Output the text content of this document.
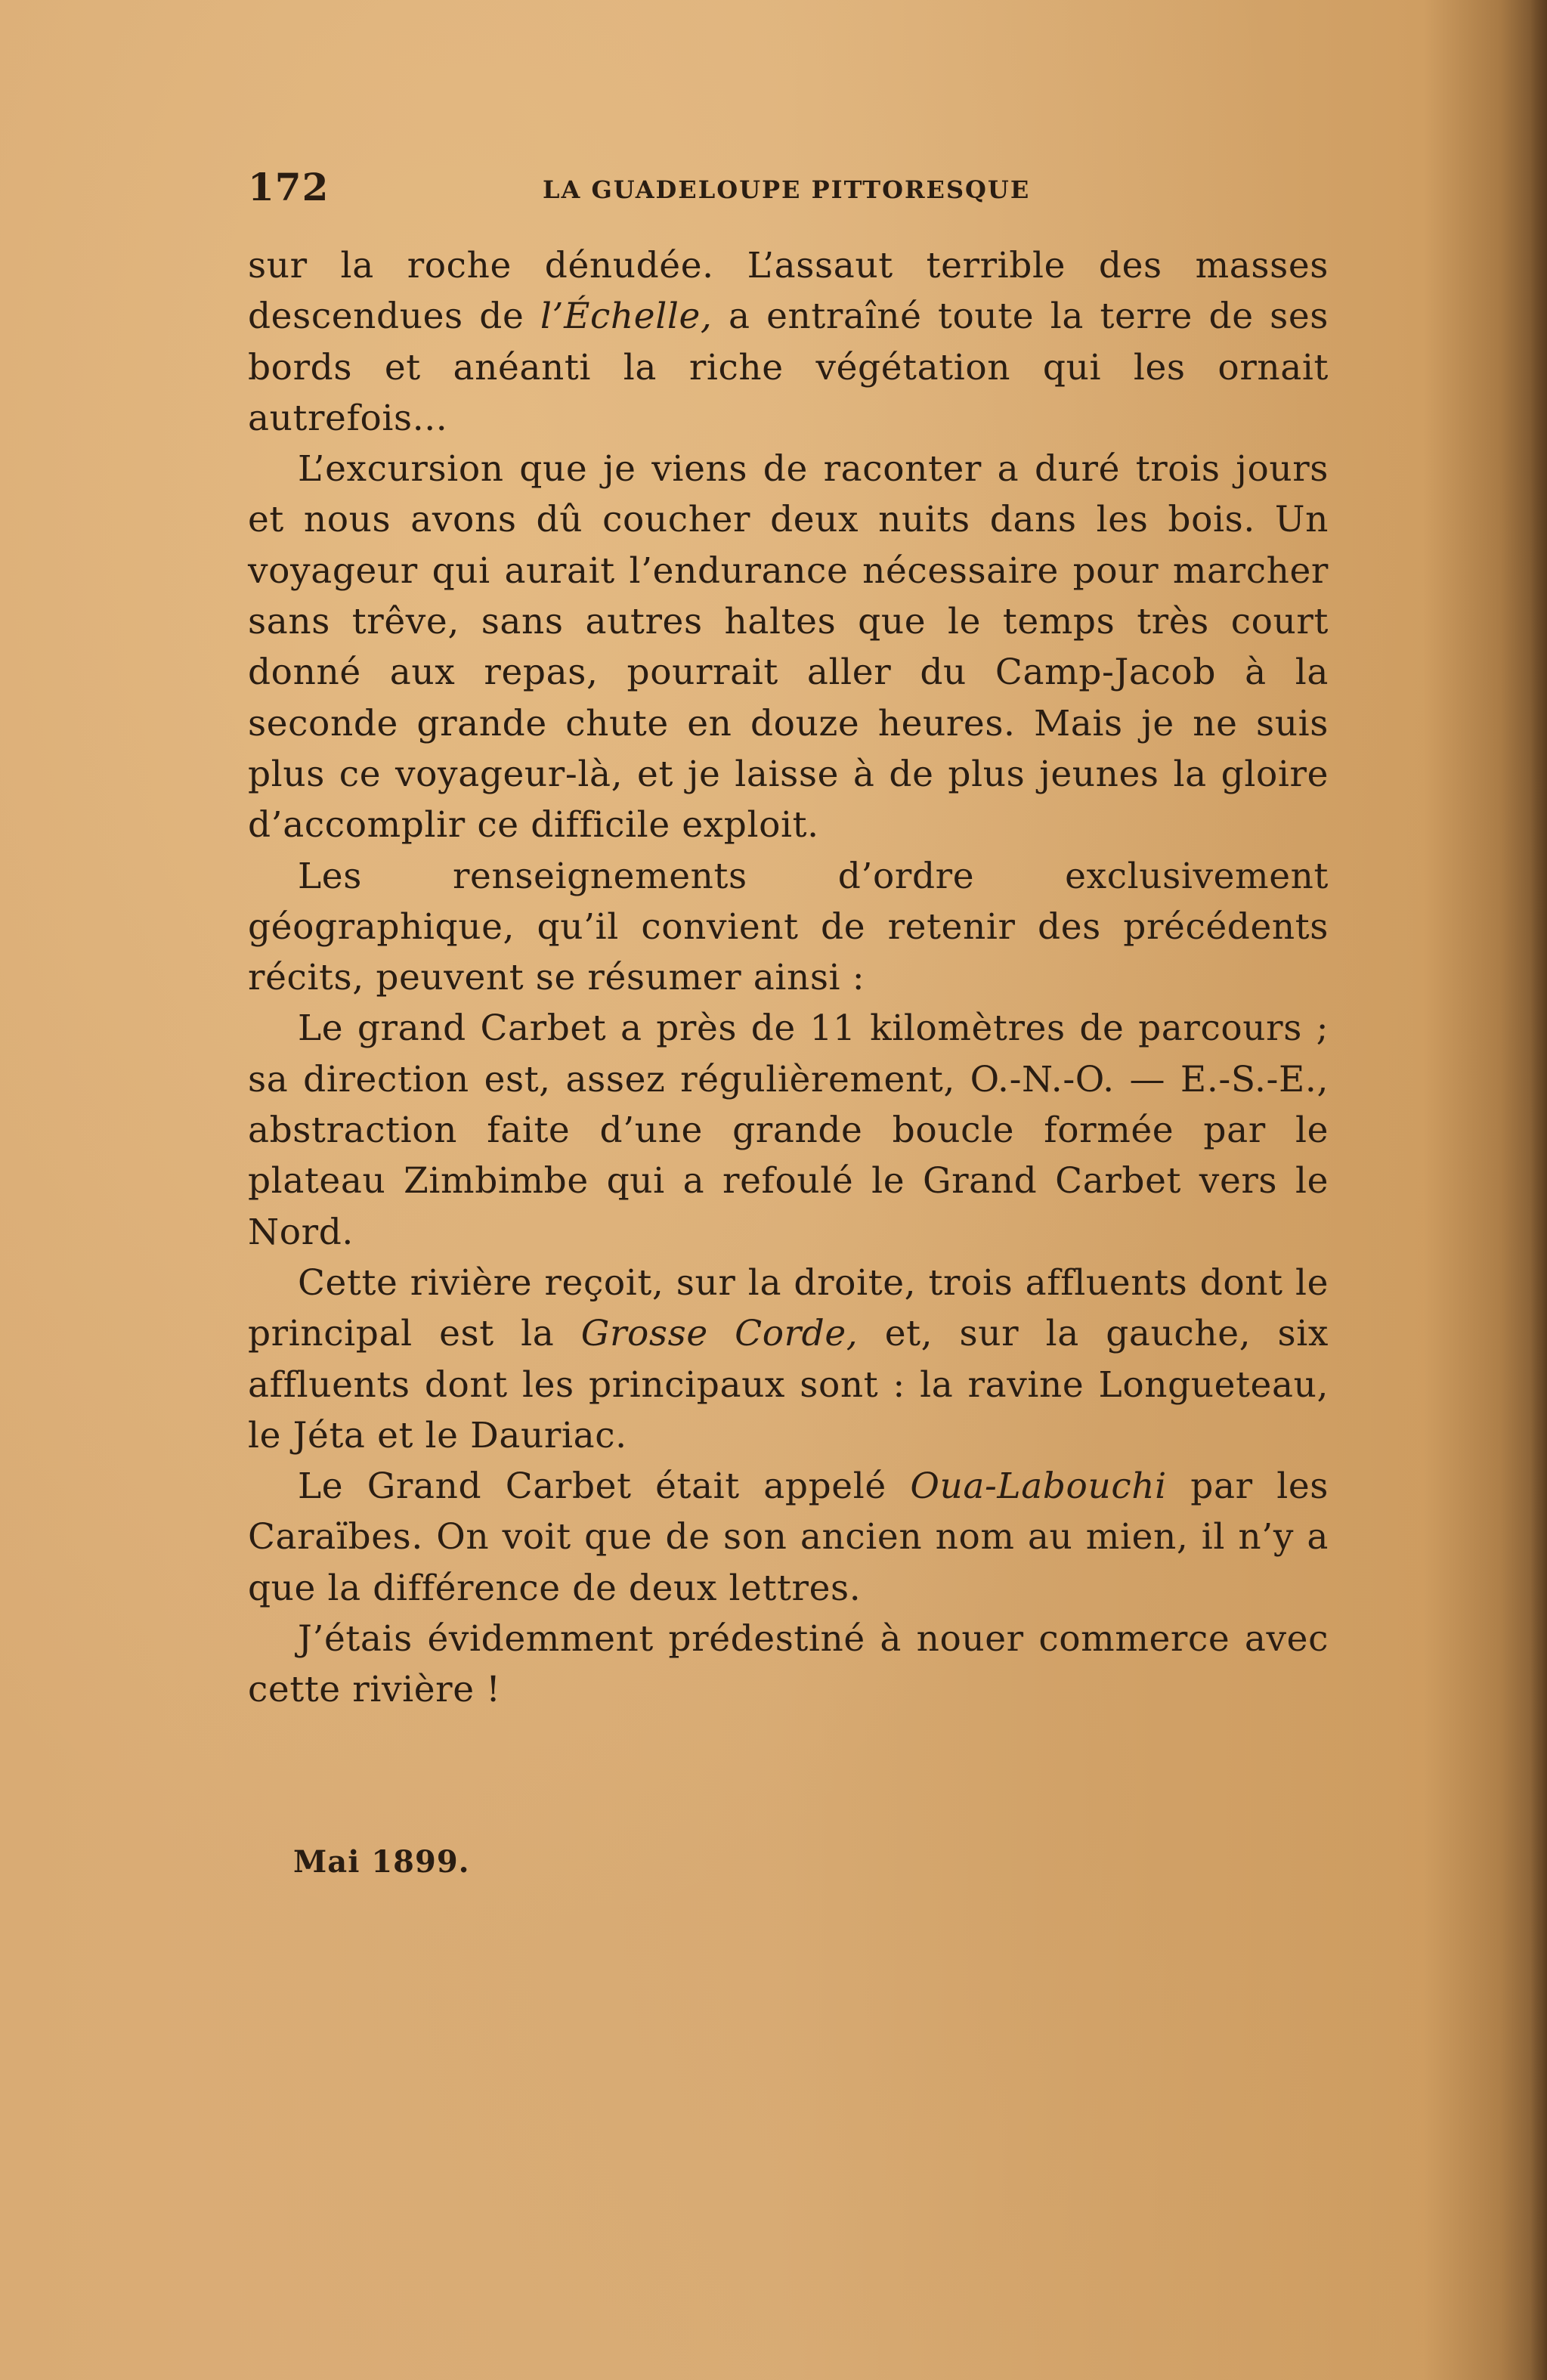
172	LA GUADELOUPE PITTORESQUE

sur la roche dénudée. L’assaut terrible des masses descendues de l’Échelle, a entraîné toute la terre de ses bords et anéanti la riche végétation qui les ornait autrefois...

L’excursion que je viens de raconter a duré trois jours et nous avons dû coucher deux nuits dans les bois. Un voyageur qui aurait l’endurance nécessaire pour marcher sans trêve, sans autres haltes que le temps très court donné aux repas, pourrait aller du Camp-Jacob à la seconde grande chute en douze heures. Mais je ne suis plus ce voyageur-là, et je laisse à de plus jeunes la gloire d’accomplir ce difficile exploit.

Les renseignements d’ordre exclusivement géographique, qu’il convient de retenir des précédents récits, peuvent se résumer ainsi :

Le grand Carbet a près de 11 kilomètres de parcours ; sa direction est, assez régulièrement, O.-N.-O. — E.-S.-E., abstraction faite d’une grande boucle formée par le plateau Zimbimbe qui a refoulé le Grand Carbet vers le Nord.

Cette rivière reçoit, sur la droite, trois affluents dont le principal est la Grosse Corde, et, sur la gauche, six affluents dont les principaux sont : la ravine Longueteau, le Jéta et le Dauriac.

Le Grand Carbet était appelé Oua-Labouchi par les Caraïbes. On voit que de son ancien nom au mien, il n’y a que la différence de deux lettres.

J’étais évidemment prédestiné à nouer commerce avec cette rivière !

Mai 1899.
